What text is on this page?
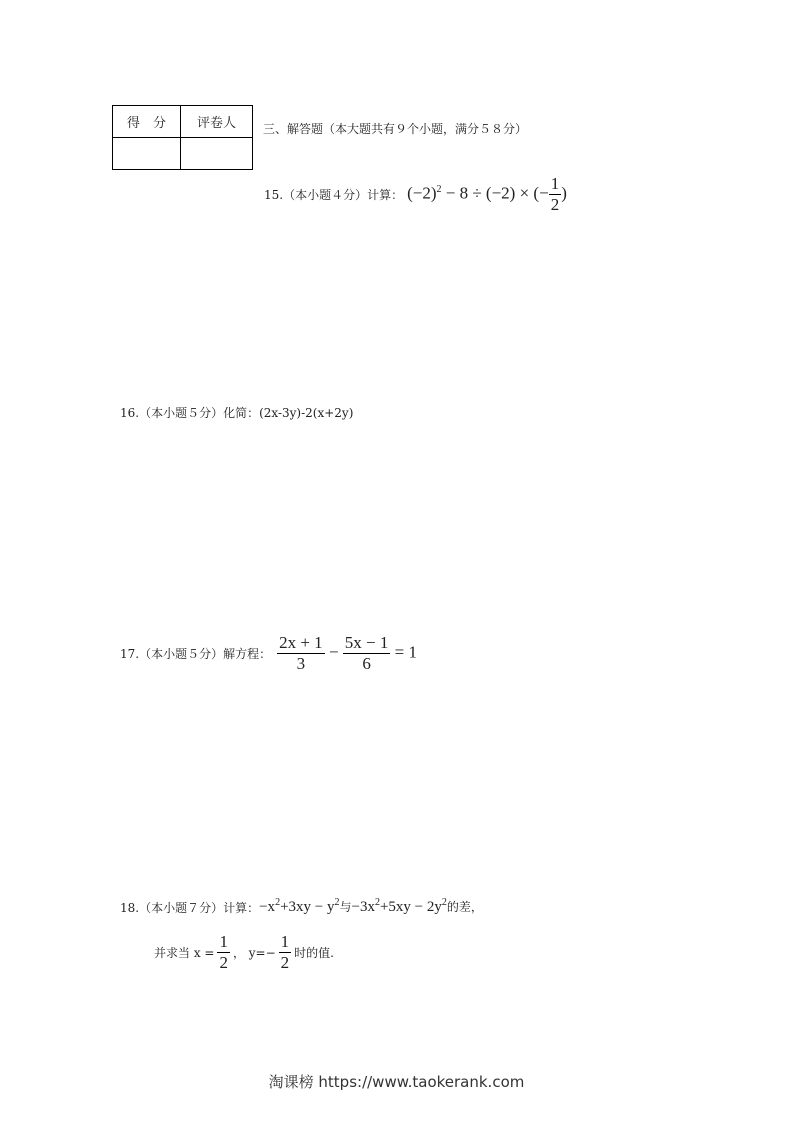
得　分	评卷人
	三、解答题（本大题共有９个小题，满分５８分）
15.（本小题４分）计算： $(-2)^2 - 8 \div (-2)$ × (− $\frac{1}{2}$ )
16.（本小题５分）化简：(2x-3y)-2(x+2y)
17.（本小题５分）解方程： $\frac{2x + 1}{3} - \frac{5x - 1}{6} = 1$
18.（本小题７分）计算： $-x^2+3xy - y^2$与$-3x^2+5xy - 2y^2$的差，
并求当 $x = \frac{1}{2}$ ， $y=- \frac{1}{2}$ 时的值.
淘课榜 https://www.taokerank.com
